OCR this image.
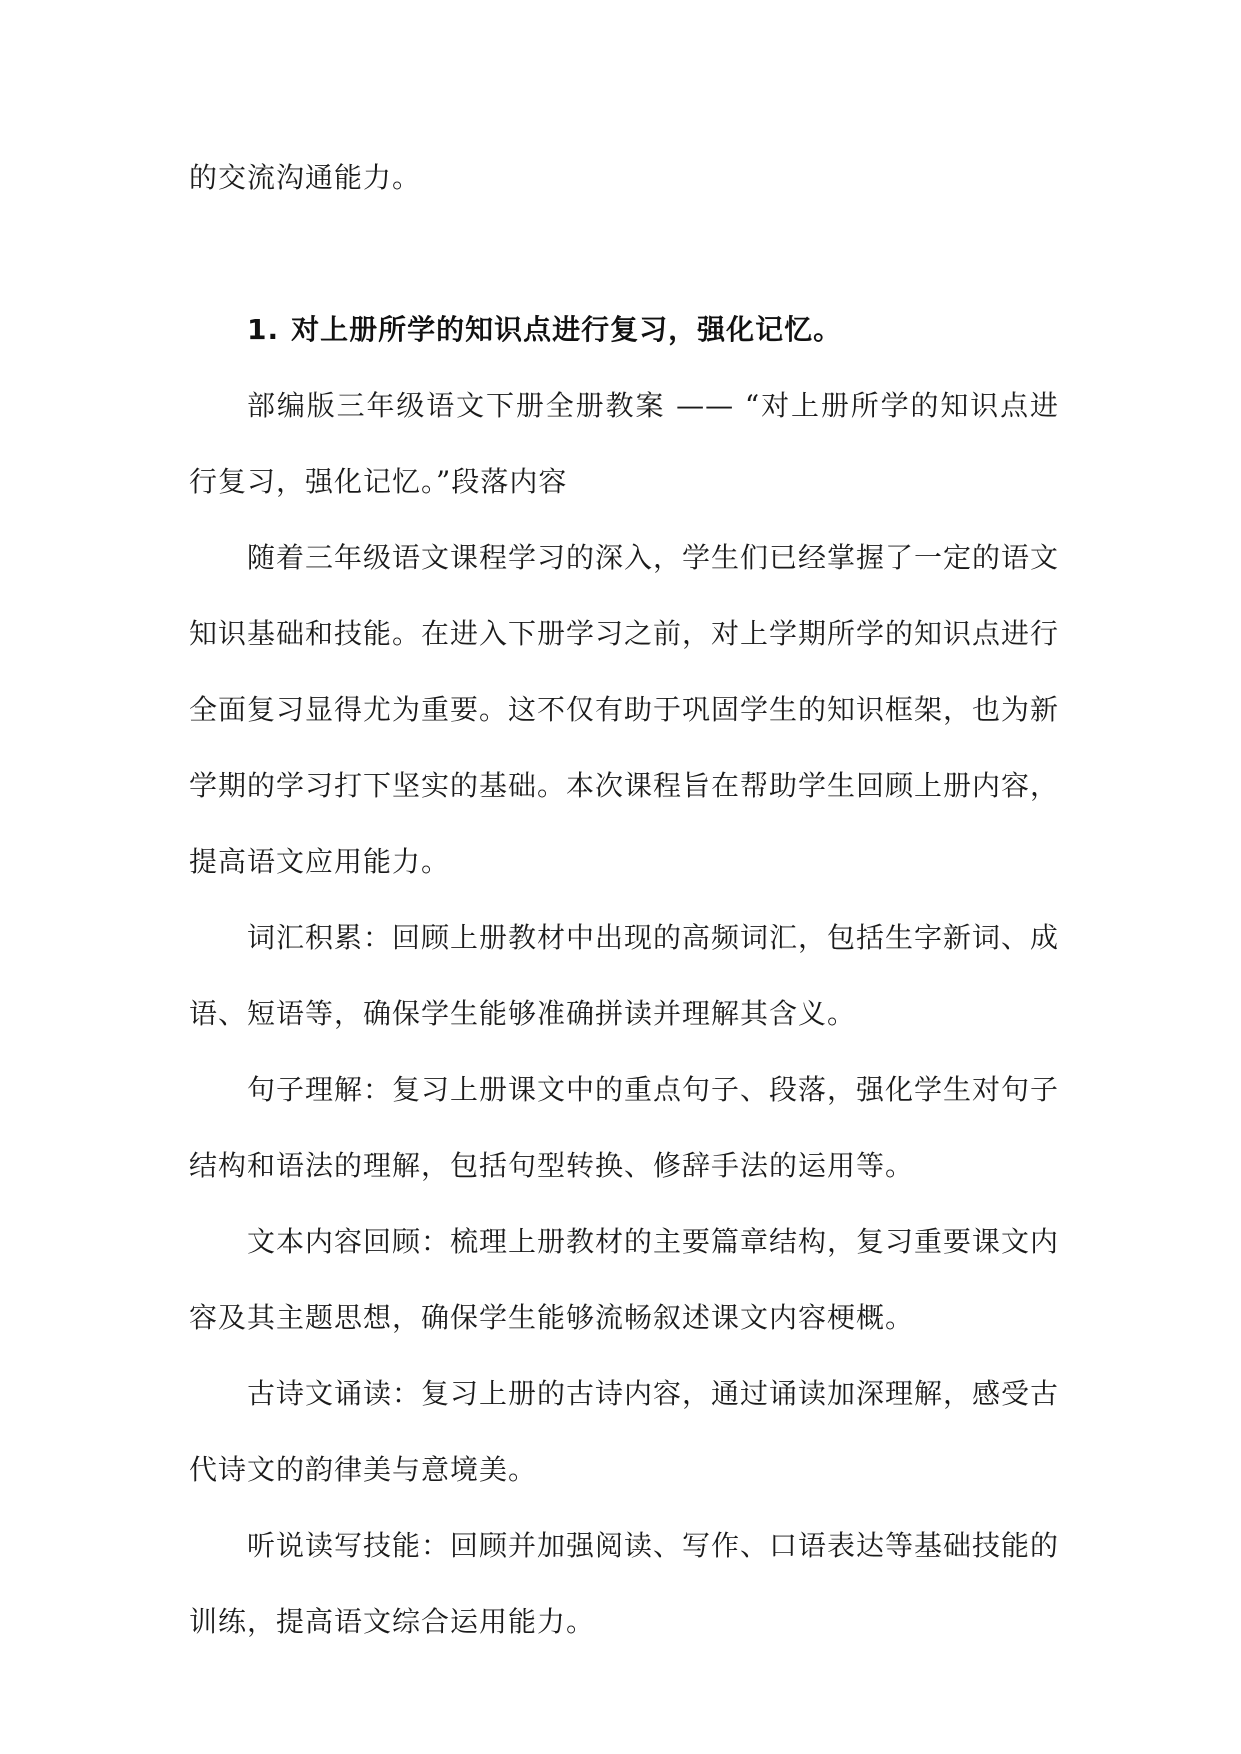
的交流沟通能力。

1. 对上册所学的知识点进行复习，强化记忆。

部编版三年级语文下册全册教案 —— “对上册所学的知识点进行复习，强化记忆。”段落内容

随着三年级语文课程学习的深入，学生们已经掌握了一定的语文知识基础和技能。在进入下册学习之前，对上学期所学的知识点进行全面复习显得尤为重要。这不仅有助于巩固学生的知识框架，也为新学期的学习打下坚实的基础。本次课程旨在帮助学生回顾上册内容，提高语文应用能力。

词汇积累：回顾上册教材中出现的高频词汇，包括生字新词、成语、短语等，确保学生能够准确拼读并理解其含义。

句子理解：复习上册课文中的重点句子、段落，强化学生对句子结构和语法的理解，包括句型转换、修辞手法的运用等。

文本内容回顾：梳理上册教材的主要篇章结构，复习重要课文内容及其主题思想，确保学生能够流畅叙述课文内容梗概。

古诗文诵读：复习上册的古诗内容，通过诵读加深理解，感受古代诗文的韵律美与意境美。

听说读写技能：回顾并加强阅读、写作、口语表达等基础技能的训练，提高语文综合运用能力。
